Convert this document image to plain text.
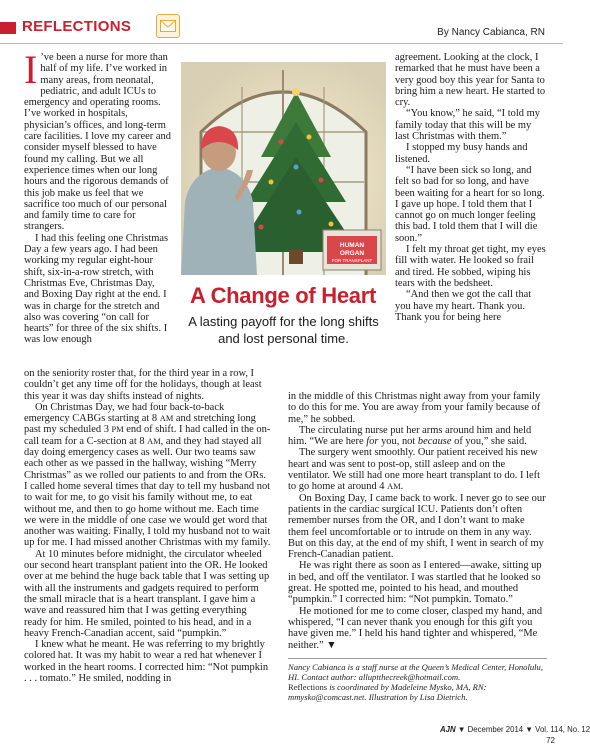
REFLECTIONS	By Nancy Cabianca, RN

I ’ve been a nurse for more than half of my life. I’ve worked in many areas, from neonatal, pediatric, and adult ICUs to emergency and operating rooms. I’ve worked in hospitals, physician’s offices, and long-term care facilities. I love my career and consider myself blessed to have found my calling. But we all experience times when our long hours and the rigorous demands of this job make us feel that we sacrifice too much of our personal and family time to care for strangers.

I had this feeling one Christmas Day a few years ago. I had been working my regular eight-hour shift, six-in-a-row stretch, with Christmas Eve, Christmas Day, and Boxing Day right at the end. I was in charge for the stretch and also was covering “on call for hearts” for three of the six shifts. I was low enough

HUMAN
ORGAN
FOR TRANSPLANT
A Change of Heart
A lasting payoff for the long shifts and lost personal time.

on the seniority roster that, for the third year in a row, I couldn’t get any time off for the holidays, though at least this year it was day shifts instead of nights.

On Christmas Day, we had four back-to-back emergency CABGs starting at 8 AM and stretching long past my scheduled 3 PM end of shift. I had called in the on-call team for a C-section at 8 AM, and they had stayed all day doing emergency cases as well. Our two teams saw each other as we passed in the hallway, wishing “Merry Christmas” as we rolled our patients to and from the ORs. I called home several times that day to tell my husband not to wait for me, to go visit his family without me, to eat without me, and then to go home without me. Each time we were in the middle of one case we would get word that another was waiting. Finally, I told my husband not to wait up for me. I had missed another Christmas with my family.

At 10 minutes before midnight, the circulator wheeled our second heart transplant patient into the OR. He looked over at me behind the huge back table that I was setting up with all the instruments and gadgets required to perform the small miracle that is a heart transplant. I gave him a wave and reassured him that I was getting everything ready for him. He smiled, pointed to his head, and in a heavy French-Canadian accent, said “pumpkin.”

I knew what he meant. He was referring to my brightly colored hat. It was my habit to wear a red hat whenever I worked in the heart rooms. I corrected him: “Not pumpkin . . . tomato.” He smiled, nodding in

agreement. Looking at the clock, I remarked that he must have been a very good boy this year for Santa to bring him a new heart. He started to cry.

“You know,” he said, “I told my family today that this will be my last Christmas with them.”

I stopped my busy hands and listened.

“I have been sick so long, and felt so bad for so long, and have been waiting for a heart for so long. I gave up hope. I told them that I cannot go on much longer feeling this bad. I told them that I will die soon.”

I felt my throat get tight, my eyes fill with water. He looked so frail and tired. He sobbed, wiping his tears with the bedsheet.

“And then we got the call that you have my heart. Thank you. Thank you for being here

in the middle of this Christmas night away from your family to do this for me. You are away from your family because of me,” he sobbed.

The circulating nurse put her arms around him and held him. “We are here for you, not because of you,” she said.

The surgery went smoothly. Our patient received his new heart and was sent to post-op, still asleep and on the ventilator. We still had one more heart transplant to do. I left to go home at around 4 AM.

On Boxing Day, I came back to work. I never go to see our patients in the cardiac surgical ICU. Patients don’t often remember nurses from the OR, and I don’t want to make them feel uncomfortable or to intrude on them in any way. But on this day, at the end of my shift, I went in search of my French-Canadian patient.

He was right there as soon as I entered—awake, sitting up in bed, and off the ventilator. I was startled that he looked so great. He spotted me, pointed to his head, and mouthed “pumpkin.” I corrected him: “Not pumpkin. Tomato.”

He motioned for me to come closer, clasped my hand, and whispered, “I can never thank you enough for this gift you have given me.” I held his hand tighter and whispered, “Me neither.” ▼

Nancy Cabianca is a staff nurse at the Queen’s Medical Center, Honolulu, HI. Contact author: alluptthecreek@hotmail.com.
Reflections is coordinated by Madeleine Mysko, MA, RN: mmysko@comcast.net. Illustration by Lisa Dietrich.
AJN ▼ December 2014 ▼ Vol. 114, No. 12
72
